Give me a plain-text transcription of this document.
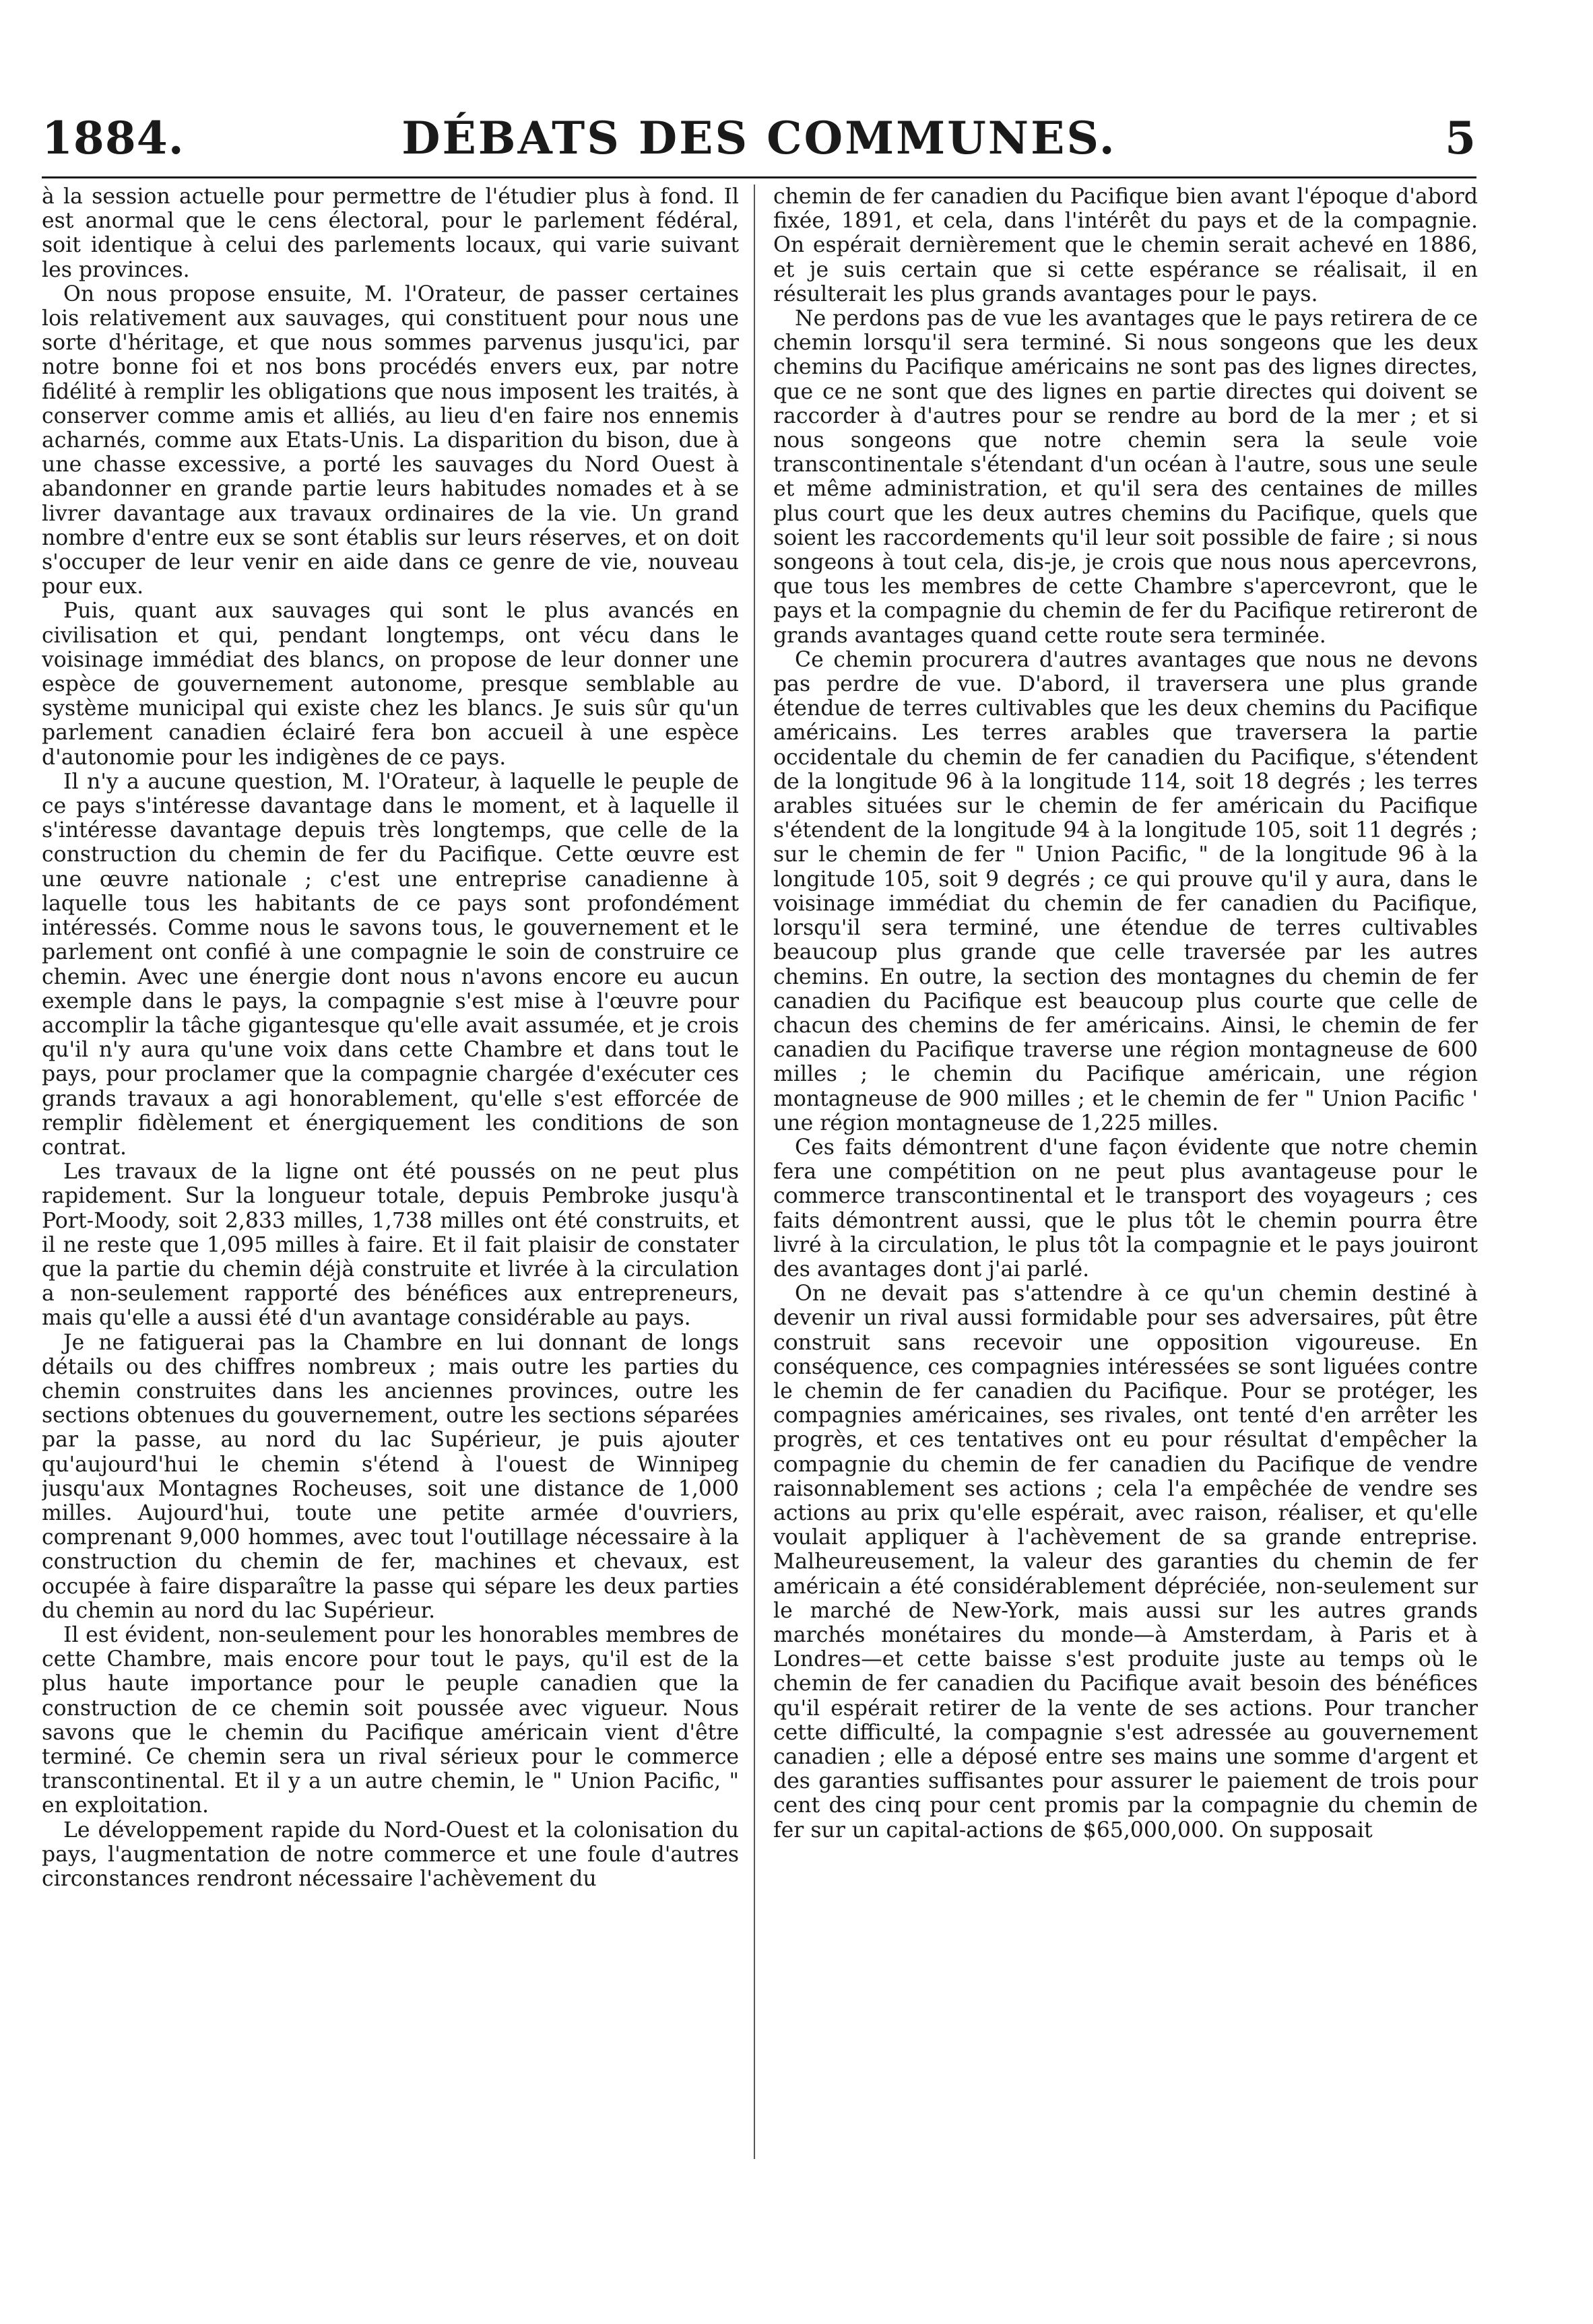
1884.	DÉBATS DES COMMUNES.	5

à la session actuelle pour permettre de l'étudier plus à fond. Il est anormal que le cens électoral, pour le parlement fédéral, soit identique à celui des parlements locaux, qui varie suivant les provinces.

On nous propose ensuite, M. l'Orateur, de passer certaines lois relativement aux sauvages, qui constituent pour nous une sorte d'héritage, et que nous sommes parvenus jusqu'ici, par notre bonne foi et nos bons procédés envers eux, par notre fidélité à remplir les obligations que nous imposent les traités, à conserver comme amis et alliés, au lieu d'en faire nos ennemis acharnés, comme aux Etats-Unis. La disparition du bison, due à une chasse excessive, a porté les sauvages du Nord Ouest à abandonner en grande partie leurs habitudes nomades et à se livrer davantage aux travaux ordinaires de la vie. Un grand nombre d'entre eux se sont établis sur leurs réserves, et on doit s'occuper de leur venir en aide dans ce genre de vie, nouveau pour eux.

Puis, quant aux sauvages qui sont le plus avancés en civilisation et qui, pendant longtemps, ont vécu dans le voisinage immédiat des blancs, on propose de leur donner une espèce de gouvernement autonome, presque semblable au système municipal qui existe chez les blancs. Je suis sûr qu'un parlement canadien éclairé fera bon accueil à une espèce d'autonomie pour les indigènes de ce pays.

Il n'y a aucune question, M. l'Orateur, à laquelle le peuple de ce pays s'intéresse davantage dans le moment, et à laquelle il s'intéresse davantage depuis très longtemps, que celle de la construction du chemin de fer du Pacifique. Cette œuvre est une œuvre nationale ; c'est une entreprise canadienne à laquelle tous les habitants de ce pays sont profondément intéressés. Comme nous le savons tous, le gouvernement et le parlement ont confié à une compagnie le soin de construire ce chemin. Avec une énergie dont nous n'avons encore eu aucun exemple dans le pays, la compagnie s'est mise à l'œuvre pour accomplir la tâche gigantesque qu'elle avait assumée, et je crois qu'il n'y aura qu'une voix dans cette Chambre et dans tout le pays, pour proclamer que la compagnie chargée d'exécuter ces grands travaux a agi honorablement, qu'elle s'est efforcée de remplir fidèlement et énergiquement les conditions de son contrat.

Les travaux de la ligne ont été poussés on ne peut plus rapidement. Sur la longueur totale, depuis Pembroke jusqu'à Port-Moody, soit 2,833 milles, 1,738 milles ont été construits, et il ne reste que 1,095 milles à faire. Et il fait plaisir de constater que la partie du chemin déjà construite et livrée à la circulation a non-seulement rapporté des bénéfices aux entrepreneurs, mais qu'elle a aussi été d'un avantage considérable au pays.

Je ne fatiguerai pas la Chambre en lui donnant de longs détails ou des chiffres nombreux ; mais outre les parties du chemin construites dans les anciennes provinces, outre les sections obtenues du gouvernement, outre les sections séparées par la passe, au nord du lac Supérieur, je puis ajouter qu'aujourd'hui le chemin s'étend à l'ouest de Winnipeg jusqu'aux Montagnes Rocheuses, soit une distance de 1,000 milles. Aujourd'hui, toute une petite armée d'ouvriers, comprenant 9,000 hommes, avec tout l'outillage nécessaire à la construction du chemin de fer, machines et chevaux, est occupée à faire disparaître la passe qui sépare les deux parties du chemin au nord du lac Supérieur.

Il est évident, non-seulement pour les honorables membres de cette Chambre, mais encore pour tout le pays, qu'il est de la plus haute importance pour le peuple canadien que la construction de ce chemin soit poussée avec vigueur. Nous savons que le chemin du Pacifique américain vient d'être terminé. Ce chemin sera un rival sérieux pour le commerce transcontinental. Et il y a un autre chemin, le " Union Pacific, " en exploitation.

Le développement rapide du Nord-Ouest et la colonisation du pays, l'augmentation de notre commerce et une foule d'autres circonstances rendront nécessaire l'achèvement du

chemin de fer canadien du Pacifique bien avant l'époque d'abord fixée, 1891, et cela, dans l'intérêt du pays et de la compagnie. On espérait dernièrement que le chemin serait achevé en 1886, et je suis certain que si cette espérance se réalisait, il en résulterait les plus grands avantages pour le pays.

Ne perdons pas de vue les avantages que le pays retirera de ce chemin lorsqu'il sera terminé. Si nous songeons que les deux chemins du Pacifique américains ne sont pas des lignes directes, que ce ne sont que des lignes en partie directes qui doivent se raccorder à d'autres pour se rendre au bord de la mer ; et si nous songeons que notre chemin sera la seule voie transcontinentale s'étendant d'un océan à l'autre, sous une seule et même administration, et qu'il sera des centaines de milles plus court que les deux autres chemins du Pacifique, quels que soient les raccordements qu'il leur soit possible de faire ; si nous songeons à tout cela, dis-je, je crois que nous nous apercevrons, que tous les membres de cette Chambre s'apercevront, que le pays et la compagnie du chemin de fer du Pacifique retireront de grands avantages quand cette route sera terminée.

Ce chemin procurera d'autres avantages que nous ne devons pas perdre de vue. D'abord, il traversera une plus grande étendue de terres cultivables que les deux chemins du Pacifique américains. Les terres arables que traversera la partie occidentale du chemin de fer canadien du Pacifique, s'étendent de la longitude 96 à la longitude 114, soit 18 degrés ; les terres arables situées sur le chemin de fer américain du Pacifique s'étendent de la longitude 94 à la longitude 105, soit 11 degrés ; sur le chemin de fer " Union Pacific, " de la longitude 96 à la longitude 105, soit 9 degrés ; ce qui prouve qu'il y aura, dans le voisinage immédiat du chemin de fer canadien du Pacifique, lorsqu'il sera terminé, une étendue de terres cultivables beaucoup plus grande que celle traversée par les autres chemins. En outre, la section des montagnes du chemin de fer canadien du Pacifique est beaucoup plus courte que celle de chacun des chemins de fer américains. Ainsi, le chemin de fer canadien du Pacifique traverse une région montagneuse de 600 milles ; le chemin du Pacifique américain, une région montagneuse de 900 milles ; et le chemin de fer " Union Pacific ' une région montagneuse de 1,225 milles.

Ces faits démontrent d'une façon évidente que notre chemin fera une compétition on ne peut plus avantageuse pour le commerce transcontinental et le transport des voyageurs ; ces faits démontrent aussi, que le plus tôt le chemin pourra être livré à la circulation, le plus tôt la compagnie et le pays jouiront des avantages dont j'ai parlé.

On ne devait pas s'attendre à ce qu'un chemin destiné à devenir un rival aussi formidable pour ses adversaires, pût être construit sans recevoir une opposition vigoureuse. En conséquence, ces compagnies intéressées se sont liguées contre le chemin de fer canadien du Pacifique. Pour se protéger, les compagnies américaines, ses rivales, ont tenté d'en arrêter les progrès, et ces tentatives ont eu pour résultat d'empêcher la compagnie du chemin de fer canadien du Pacifique de vendre raisonnablement ses actions ; cela l'a empêchée de vendre ses actions au prix qu'elle espérait, avec raison, réaliser, et qu'elle voulait appliquer à l'achèvement de sa grande entreprise. Malheureusement, la valeur des garanties du chemin de fer américain a été considérablement dépréciée, non-seulement sur le marché de New-York, mais aussi sur les autres grands marchés monétaires du monde—à Amsterdam, à Paris et à Londres—et cette baisse s'est produite juste au temps où le chemin de fer canadien du Pacifique avait besoin des bénéfices qu'il espérait retirer de la vente de ses actions. Pour trancher cette difficulté, la compagnie s'est adressée au gouvernement canadien ; elle a déposé entre ses mains une somme d'argent et des garanties suffisantes pour assurer le paiement de trois pour cent des cinq pour cent promis par la compagnie du chemin de fer sur un capital-actions de $65,000,000. On supposait
